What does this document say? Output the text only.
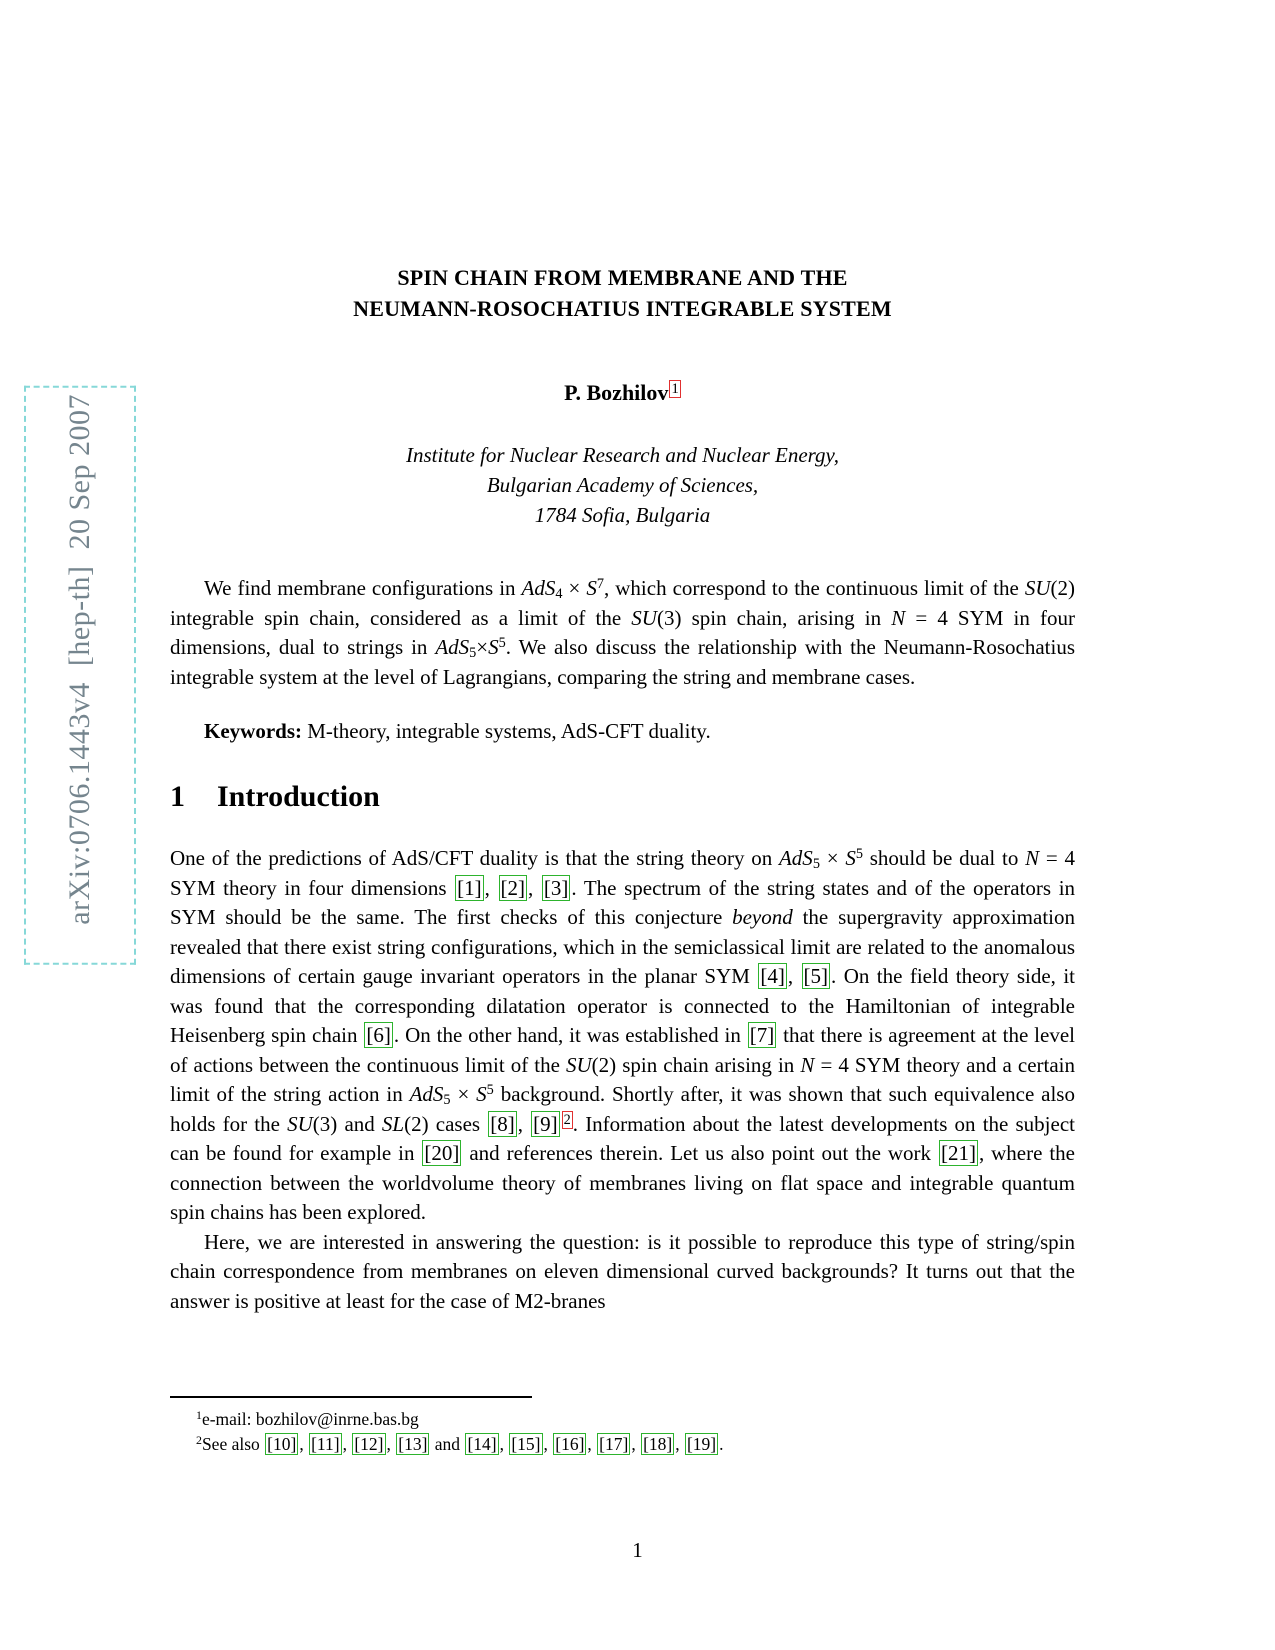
arXiv:0706.1443v4  [hep-th]  20 Sep 2007

SPIN CHAIN FROM MEMBRANE AND THE
NEUMANN-ROSOCHATIUS INTEGRABLE SYSTEM
P. Bozhilov $^1$
Institute for Nuclear Research and Nuclear Energy,
Bulgarian Academy of Sciences,
1784 Sofia, Bulgaria

We find membrane configurations in $AdS_4 \times S^7$, which correspond to the continuous limit of the SU(2) integrable spin chain, considered as a limit of the SU(3) spin chain, arising in N = 4 SYM in four dimensions, dual to strings in $AdS_5\times S^5$. We also discuss the relationship with the Neumann-Rosochatius integrable system at the level of Lagrangians, comparing the string and membrane cases.

Keywords: M-theory, integrable systems, AdS-CFT duality.

1 Introduction

One of the predictions of AdS/CFT duality is that the string theory on $AdS_5 \times S^5$ should be dual to N = 4 SYM theory in four dimensions [1] , [2] , [3] . The spectrum of the string states and of the operators in SYM should be the same. The first checks of this conjecture beyond the supergravity approximation revealed that there exist string configurations, which in the semiclassical limit are related to the anomalous dimensions of certain gauge invariant operators in the planar SYM [4] , [5] . On the field theory side, it was found that the corresponding dilatation operator is connected to the Hamiltonian of integrable Heisenberg spin chain [6] . On the other hand, it was established in [7] that there is agreement at the level of actions between the continuous limit of the SU(2) spin chain arising in N = 4 SYM theory and a certain limit of the string action in $AdS_5 \times S^5$ background. Shortly after, it was shown that such equivalence also holds for the SU(3) and SL(2) cases [8] , [9] $^2$. Information about the latest developments on the subject can be found for example in [20] and references therein. Let us also point out the work [21] , where the connection between the worldvolume theory of membranes living on flat space and integrable quantum spin chains has been explored.

Here, we are interested in answering the question: is it possible to reproduce this type of string/spin chain correspondence from membranes on eleven dimensional curved backgrounds? It turns out that the answer is positive at least for the case of M2-branes

$^1$e-mail: bozhilov@inrne.bas.bg

$^2$See also [10] , [11] , [12] , [13] and [14] , [15] , [16] , [17] , [18] , [19] .

1
